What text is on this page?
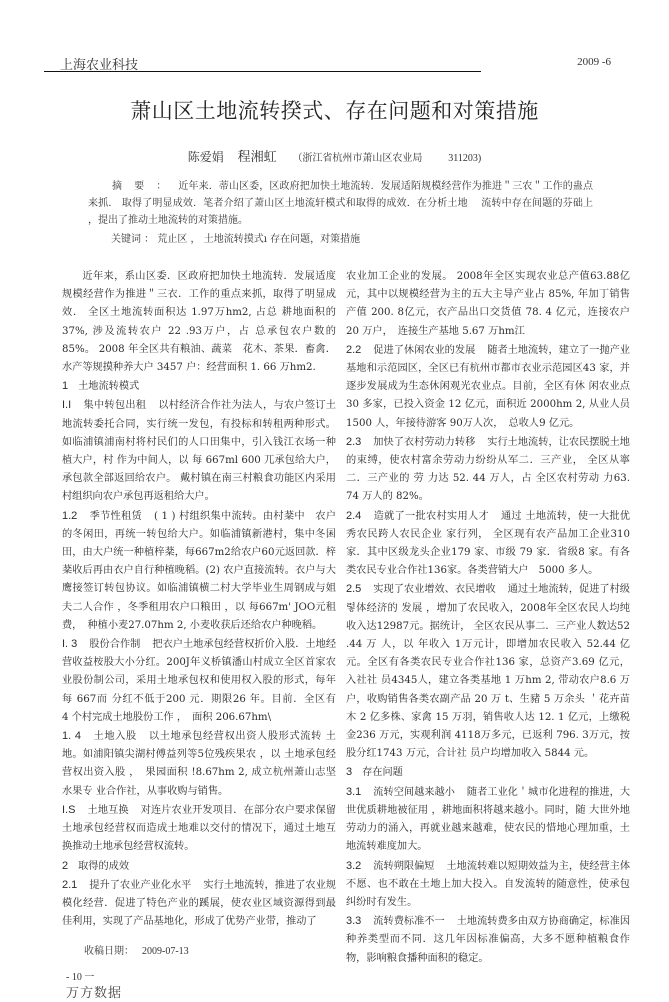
上海农业科技	2009 -6
萧山区土地流转揆式、存在问题和对策措施
陈爱娟 程湘虹 （浙江省杭州市萧山区农业局	311203)
摘要：近年来．蒂山区委，区政府把加快土地流转．发展适陌规模经营作为推进＂三农＂工作的蛊点来抓． 取得了明显成效．笔者介绍了萧山区土地流轩模式和取得的成效．在分析土地　 流转中存在间题的芬础上 ，提出了推动土地流转的对策措施。
关键词 ： 荒止区 ， 土地流转摸式ı 存在问题，对策措施

近年来，系山区委．区政府把加快土地流转．发展适度规模经营作为推进＂三衣．工作的重点来抓，取得了明显成效． 全区土地流转面积达 1.97万hm2, 占总 耕地面积的 37%, 涉及流转农户 22 .93万户，占 总承包农户数的85%。 2008 年全区共有粮油、蔬菜　花木、茶果．畜禽．水产等规摸种养大户 3457 户：经营面积 1. 66 万hm2.

1 土地流转模式

I.I 集中转包出租 以村经济合作社为法人，与农户签订土地流转委托合同，实行统一发包，有投标和转租两种形式。如临浦镇浦南村将村民们的人口田集中，引入钱江衣场一种植大户，村 作为中间人，以 每 667ml 600 兀承包给大户，承包款全部返回给农户。 戴村镇在南三村粮食功能区内采用村组织向农户承包再返租给大户。

1.2 季节性租赁 ( 1 ) 村组织集中流转。由村棻中　农户的冬闲田，再统一转包给大户。如临浦镇新港村，集中冬囷田，由大户统一种植梓棻，每667m2给农户60元返回款．梓棻收后再由衣户自行种植晚稻。(2) 农户直接流转。衣户与大鹰接签订转包协议。如临浦镇横二村大学毕业生周钢成与姐 夫二人合作 ，冬季租用农户口粮田 ，以 每667m' JOO元租费，　种植小麦27.07hm 2, 小麦收获后还给农户种晚稻。

I. 3 股份合作制 把衣户土地承包经营权折价入股．土地经营收益桉股大小分红。200J年义桥镇潘山村成立全区首家农业股份制公司，采用土地承包权和使用权入股的形式，每年每 667而 分红不低于200 元．期限26 年。目前．全区有　4 个村完成土地股份工作 ，　面积 206.67hm\

1. 4 土地入股 以土地承包经营权出资人股形式流转 土地。如浦阳镇尖湖村傅益列等5位残疾果农 ，以 土地承包经营权出资入股 ，　果园面积 !8.67hm 2, 成立杭州萧山志坚水果专 业合作社，从事收购与销售。

I.S 土地互换 对连片农业开发项目．在部分农户要求保留土地承包经营权而造成土地难以交付的情况下，通过土地互换推动土地承包经营权流转。

2 取得的成效

2.1 提升了农业产业化水平 实行土地流转，推进了农业规模化经营．促进了特色产业的蹊展，使农业区域资源得到最佳利用，实现了产品基地化，形成了优势产业带，推动了

农业加工企业的发展。 2008年全区实现农业总产值63.88亿元，其中以规模经营为主的五大主导产业占 85%, 年加丁销售产值 200. 8亿元，衣产品出口交货值 78. 4 亿元，连接农户20 万户，　连接生产基地 5.67 万hm江

2.2 促进了休闲农业的发展 随者土地流转，建立了一抛产业基地和示范园区，全区已有杭州市都市衣业示范园区43 家，并逐步发展成为生态休闲观光农业点。目前，全区有休 闲农业点30 多家，已投入资金 12 亿元，面积近 2000hm 2, 从业人员1500 人，年接待游客 90万人次，　总收人9 亿元。

2.3 加快了衣村劳动力转移 实行土地流转，让农民摆脱土地的束缚，使农村富余劳动力纷纷从军二．三产业， 全区从寧二．三产业的 劳 力达 52. 44 万人，占 全区农村劳动 力63. 74 万人的 82%。

2.4 造就了一批农村实用人才 通过 土地流转，使一大批优秀农民跨人农民企业 家行列， 全区现有农产品加工企业310 家．其中区级龙头企业179 家、市级 79 家．省级8 家。有各类农民专业合作社136家。各类营销大户　5000 多人。

2.5 实现了农业增效、衣民增收 通过土地流转，促进了村级렇体经济的 发展 ，增加了农民收入，2008年全区农民人均纯收入达12987元。据统计， 全区农民从事二．三产业人数达52 .44 万 人，以 年收入 1万元计，即增加农民收入 52.44 亿元。全区有各类农民专业合作社136 家，总资产3.69 亿元， 入社社 员4345人，建立各类基地 1 万hm 2, 带动农户8.6 万户，收购销售各类农副产品 20 万 t、生豬 5 万余头 ＇花卉苗木 2 亿多株、家禽 15 万羽，销售收人达 12. 1 亿元，上缴税金236 万元，实观利润 4118万多元，已返利 796. 3万元，按股分红1743 万元，合计社 员户均增加收入 5844 元。

3 存在问题

3.1 流转空间越来越小 随者工业化＇城市化进程的推进，大世优质耕地被征用 ，耕地面积将越来越小。同时，随 大世外地劳动力的涌入，再就业越来越难，使农民的惜地心理加重，土地流转难度加大。

3.2 流转朔限偏短 土地流转难以短期效益为主，使经营主体不愿、也不敢在土地上加大投入。自发流转的随意性，使承包纠纷时有发生。

3.3 流转费标准不一 土地流转费多由双方协商确定，标准因种养类型而不同．这几年因标准偏高，大多不愿种植粮食作物，影响粮食播种面积的稳定。

收稿日期： 2009-07-13
- 10 一
万方数据
